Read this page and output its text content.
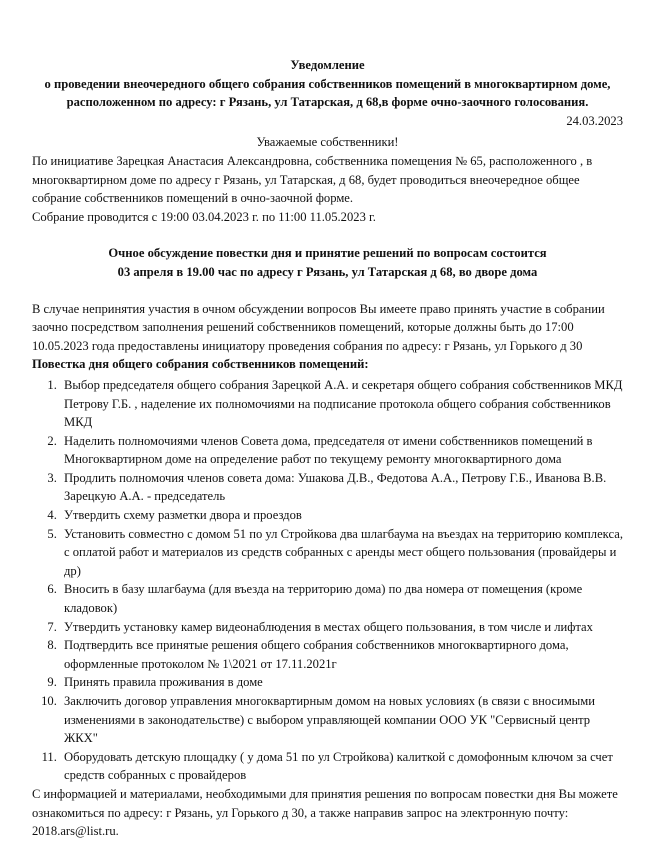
Уведомление
о проведении внеочередного общего собрания собственников помещений в многоквартирном доме,
расположенном по адресу: г Рязань, ул Татарская, д 68,в форме очно-заочного голосования.
24.03.2023
Уважаемые собственники!

По инициативе Зарецкая Анастасия Александровна, собственника помещения № 65, расположенного , в многоквартирном доме по адресу г Рязань, ул Татарская, д 68, будет проводиться внеочередное общее собрание собственников помещений в очно-заочной форме.

Собрание проводится с 19:00 03.04.2023 г. по 11:00 11.05.2023 г.

Очное обсуждение повестки дня и принятие решений по вопросам состоится
03 апреля в 19.00 час по адресу г Рязань, ул Татарская д 68, во дворе дома

В случае непринятия участия в очном обсуждении вопросов Вы имеете право принять участие в собрании заочно посредством заполнения решений собственников помещений, которые должны быть до 17:00 10.05.2023 года предоставлены инициатору проведения собрания по адресу: г Рязань, ул Горького д 30

Повестка дня общего собрания собственников помещений:
1. Выбор председателя общего собрания Зарецкой А.А. и секретаря общего собрания собственников МКД Петрову Г.Б. , наделение их полномочиями на подписание протокола общего собрания собственников МКД
2. Наделить полномочиями членов Совета дома, председателя от имени собственников помещений в Многоквартирном доме на определение работ по текущему ремонту многоквартирного дома
3. Продлить полномочия членов совета дома: Ушакова Д.В., Федотова А.А., Петрову Г.Б., Иванова В.В. Зарецкую А.А. - председатель
4. Утвердить схему разметки двора и проездов
5. Установить совместно с домом 51 по ул Стройкова два шлагбаума на въездах на территорию комплекса, с оплатой работ и материалов из средств собранных с аренды мест общего пользования (провайдеры и др)
6. Вносить в базу шлагбаума (для въезда на территорию дома) по два номера от помещения (кроме кладовок)
7. Утвердить установку камер видеонаблюдения в местах общего пользования, в том числе и лифтах
8. Подтвердить все принятые решения общего собрания собственников многоквартирного дома, оформленные протоколом № 1\2021 от 17.11.2021г
9. Принять правила проживания в доме
10. Заключить договор управления многоквартирным домом на новых условиях (в связи с вносимыми изменениями в законодательстве) с выбором управляющей компании ООО УК "Сервисный центр ЖКХ"
11. Оборудовать детскую площадку ( у дома 51 по ул Стройкова) калиткой с домофонным ключом за счет средств собранных с провайдеров

С информацией и материалами, необходимыми для принятия решения по вопросам повестки дня Вы можете ознакомиться по адресу: г Рязань, ул Горького д 30, а также направив запрос на электронную почту: 2018.ars@list.ru.
